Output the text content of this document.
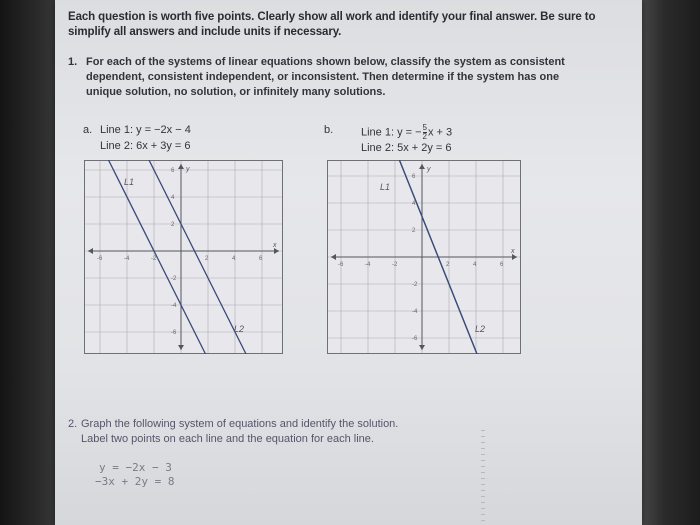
Each question is worth five points. Clearly show all work and identify your final answer. Be sure to
simplify all answers and include units if necessary.
1. For each of the systems of linear equations shown below, classify the system as consistent
dependent, consistent independent, or inconsistent. Then determine if the system has one
unique solution, no solution, or infinitely many solutions.
a. Line 1: y = −2x − 4
Line 2: 6x + 3y = 6
b.	Line 1: y = − $\frac{5}{2}$ x + 3
Line 2: 5x + 2y = 6
x
y
-6	-4	-2	2	4	6
6
4
2
-2
-4
-6
L1
L2
x
y
-6	-4	-2	2	4	6
6
4
2
-2
-4
-6
L1
L2
2. Graph the following system of equations and identify the solution.
Label two points on each line and the equation for each line.
y = −2x − 3
−3x + 2y = 8
